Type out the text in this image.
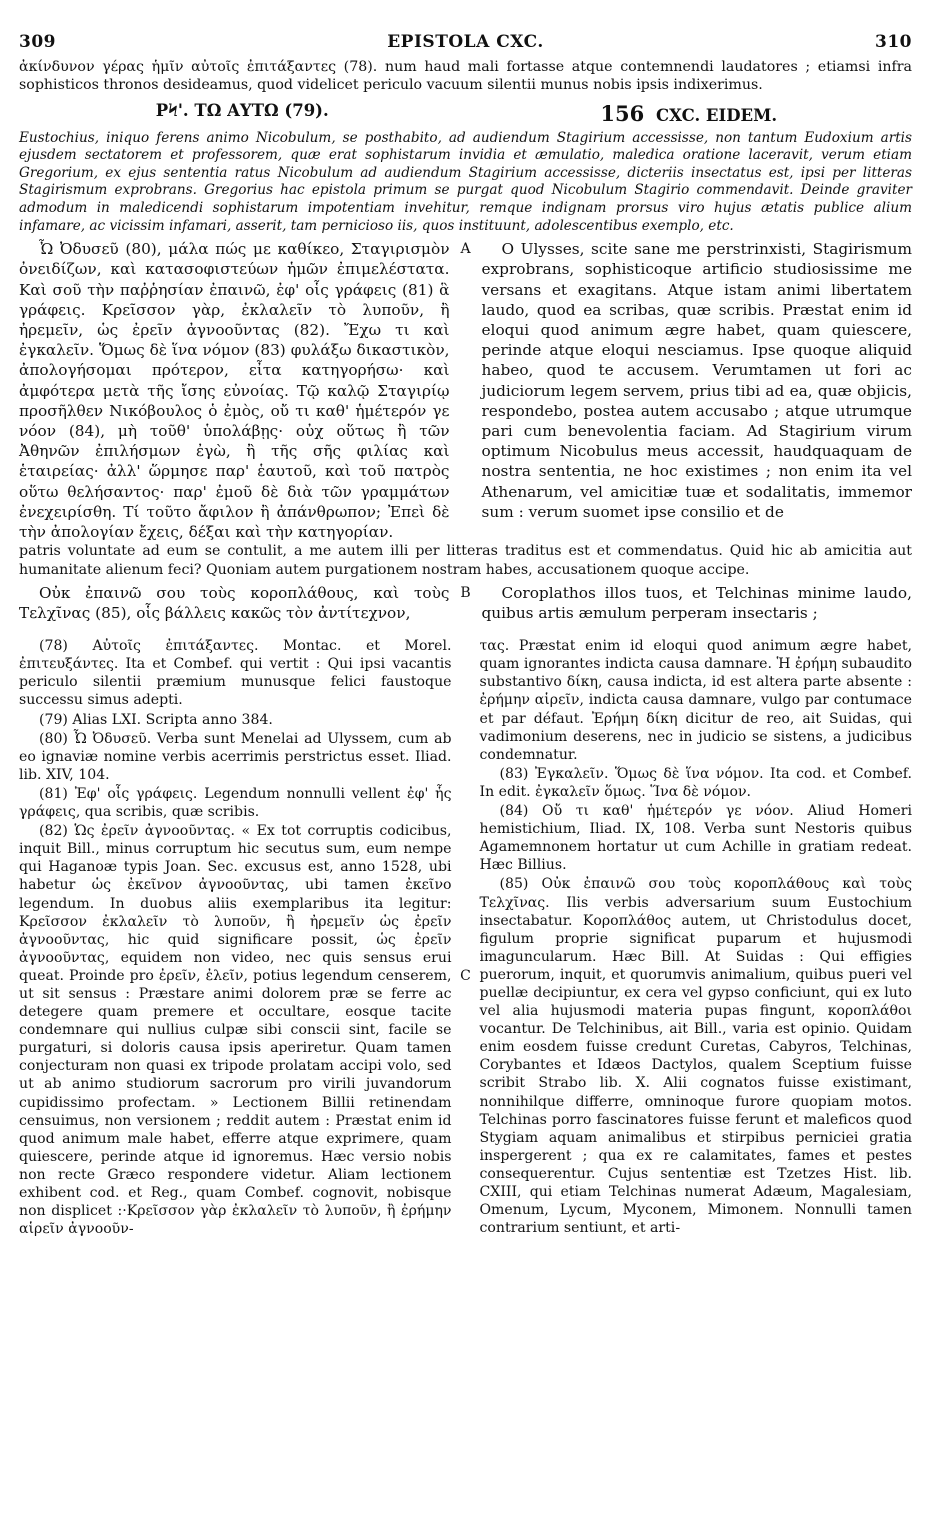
309	EPISTOLA CXC.	310
ἀκίνδυνον γέρας ἡμῖν αὐτοῖς ἐπιτάξαντες (78). num haud mali fortasse atque contemnendi laudatores ; etiamsi infra sophisticos thronos desideamus, quod videlicet periculo vacuum silentii munus nobis ipsis indixerimus.
ΡϞ'. ΤΩ ΑΥΤΩ (79).	156 CXC. EIDEM.
Eustochius, iniquo ferens animo Nicobulum, se posthabito, ad audiendum Stagirium accessisse, non tantum Eudoxium artis ejusdem sectatorem et professorem, quæ erat sophistarum invidia et æmulatio, maledica oratione laceravit, verum etiam Gregorium, ex ejus sententia ratus Nicobulum ad audiendum Stagirium accessisse, dicteriis insectatus est, ipsi per litteras Stagirismum exprobrans. Gregorius hac epistola primum se purgat quod Nicobulum Stagirio commendavit. Deinde graviter admodum in maledicendi sophistarum impotentiam invehitur, remque indignam prorsus viro hujus ætatis publice alium infamare, ac vicissim infamari, asserit, tam pernicioso iis, quos instituunt, adolescentibus exemplo, etc.
A
Ὦ Ὀδυσεῦ (80), μάλα πώς με καθίκεο, Σταγιρισμὸν ὀνειδίζων, καὶ κατασοφιστεύων ἡμῶν ἐπιμελέστατα. Καὶ σοῦ τὴν παῤῥησίαν ἐπαινῶ, ἐφ' οἷς γράφεις (81) ἃ γράφεις. Κρεῖσσον γὰρ, ἐκλαλεῖν τὸ λυποῦν, ἢ ἠρεμεῖν, ὡς ἐρεῖν ἀγνοοῦντας (82). Ἔχω τι καὶ ἐγκαλεῖν. Ὅμως δὲ ἵνα νόμον (83) φυλάξω δικαστικὸν, ἀπολογήσομαι πρότερον, εἶτα κατηγορήσω· καὶ ἀμφότερα μετὰ τῆς ἴσης εὐνοίας. Τῷ καλῷ Σταγιρίῳ προσῆλθεν Νικόβουλος ὁ ἐμὸς, οὔ τι καθ' ἡμέτερόν γε νόον (84), μὴ τοῦθ' ὑπολάβῃς· οὐχ οὕτως ἢ τῶν Ἀθηνῶν ἐπιλήσμων ἐγὼ, ἢ τῆς σῆς φιλίας καὶ ἑταιρείας· ἀλλ' ὥρμησε παρ' ἑαυτοῦ, καὶ τοῦ πατρὸς οὕτω θελήσαντος· παρ' ἐμοῦ δὲ διὰ τῶν γραμμάτων ἐνεχειρίσθη. Τί τοῦτο ἄφιλον ἢ ἀπάνθρωπον; Ἐπεὶ δὲ τὴν ἀπολογίαν ἔχεις, δέξαι καὶ τὴν κατηγορίαν.
O Ulysses, scite sane me perstrinxisti, Stagirismum exprobrans, sophisticoque artificio studiosissime me versans et exagitans. Atque istam animi libertatem laudo, quod ea scribas, quæ scribis. Præstat enim id eloqui quod animum ægre habet, quam quiescere, perinde atque eloqui nesciamus. Ipse quoque aliquid habeo, quod te accusem. Verumtamen ut fori ac judiciorum legem servem, prius tibi ad ea, quæ objicis, respondebo, postea autem accusabo ; atque utrumque pari cum benevolentia faciam. Ad Stagirium virum optimum Nicobulus meus accessit, haudquaquam de nostra sententia, ne hoc existimes ; non enim ita vel Athenarum, vel amicitiæ tuæ et sodalitatis, immemor sum : verum suomet ipse consilio et de
patris voluntate ad eum se contulit, a me autem illi per litteras traditus est et commendatus. Quid hic ab amicitia aut humanitate alienum feci? Quoniam autem purgationem nostram habes, accusationem quoque accipe.
B
Οὐκ ἐπαινῶ σου τοὺς κοροπλάθους, καὶ τοὺς Τελχῖνας (85), οἷς βάλλεις κακῶς τὸν ἀντίτεχνον,
Coroplathos illos tuos, et Telchinas minime laudo, quibus artis æmulum perperam insectaris ;
C

(78) Αὐτοῖς ἐπιτάξαντες. Montac. et Morel. ἐπιτευξάντες. Ita et Combef. qui vertit : Qui ipsi vacantis periculo silentii præmium munusque felici faustoque successu simus adepti.

(79) Alias LXI. Scripta anno 384.

(80) Ὦ Ὀδυσεῦ. Verba sunt Menelai ad Ulyssem, cum ab eo ignaviæ nomine verbis acerrimis perstrictus esset. Iliad. lib. XIV, 104.

(81) Ἐφ' οἷς γράφεις. Legendum nonnulli vellent ἐφ' ἧς γράφεις, qua scribis, quæ scribis.

(82) Ὡς ἐρεῖν ἀγνοοῦντας. « Ex tot corruptis codicibus, inquit Bill., minus corruptum hic secutus sum, eum nempe qui Haganoæ typis Joan. Sec. excusus est, anno 1528, ubi habetur ὡς ἐκεῖνον ἀγνοοῦντας, ubi tamen ἐκεῖνο legendum. In duobus aliis exemplaribus ita legitur: Κρεῖσσον ἐκλαλεῖν τὸ λυποῦν, ἢ ἠρεμεῖν ὡς ἐρεῖν ἀγνοοῦντας, hic quid significare possit, ὡς ἐρεῖν ἀγνοοῦντας, equidem non video, nec quis sensus erui queat. Proinde pro ἐρεῖν, ἐλεῖν, potius legendum censerem, ut sit sensus : Præstare animi dolorem præ se ferre ac detegere quam premere et occultare, eosque tacite condemnare qui nullius culpæ sibi conscii sint, facile se purgaturi, si doloris causa ipsis aperiretur. Quam tamen conjecturam non quasi ex tripode prolatam accipi volo, sed ut ab animo studiorum sacrorum pro virili juvandorum cupidissimo profectam. » Lectionem Billii retinendam censuimus, non versionem ; reddit autem : Præstat enim id quod animum male habet, efferre atque exprimere, quam quiescere, perinde atque id ignoremus. Hæc versio nobis non recte Græco respondere videtur. Aliam lectionem exhibent cod. et Reg., quam Combef. cognovit, nobisque non displicet :·Κρεῖσσον γὰρ ἐκλαλεῖν τὸ λυποῦν, ἢ ἐρήμην αἱρεῖν ἀγνοοῦν-

τας. Præstat enim id eloqui quod animum ægre habet, quam ignorantes indicta causa damnare. Ἡ ἐρήμη subaudito substantivo δίκη, causa indicta, id est altera parte absente : ἐρήμην αἱρεῖν, indicta causa damnare, vulgo par contumace et par défaut. Ἐρήμη δίκη dicitur de reo, ait Suidas, qui vadimonium deserens, nec in judicio se sistens, a judicibus condemnatur.

(83) Ἐγκαλεῖν. Ὅμως δὲ ἵνα νόμον. Ita cod. et Combef. In edit. ἐγκαλεῖν ὅμως. Ἵνα δὲ νόμον.

(84) Οὔ τι καθ' ἡμέτερόν γε νόον. Aliud Homeri hemistichium, Iliad. IX, 108. Verba sunt Nestoris quibus Agamemnonem hortatur ut cum Achille in gratiam redeat. Hæc Billius.

(85) Οὐκ ἐπαινῶ σου τοὺς κοροπλάθους καὶ τοὺς Τελχῖνας. Ilis verbis adversarium suum Eustochium insectabatur. Κοροπλάθος autem, ut Christodulus docet, figulum proprie significat puparum et hujusmodi imaguncularum. Hæc Bill. At Suidas : Qui effigies puerorum, inquit, et quorumvis animalium, quibus pueri vel puellæ decipiuntur, ex cera vel gypso conficiunt, qui ex luto vel alia hujusmodi materia pupas fingunt, κοροπλάθοι vocantur. De Telchinibus, ait Bill., varia est opinio. Quidam enim eosdem fuisse credunt Curetas, Cabyros, Telchinas, Corybantes et Idæos Dactylos, qualem Sceptium fuisse scribit Strabo lib. X. Alii cognatos fuisse existimant, nonnihilque differre, omninoque furore quopiam motos. Telchinas porro fascinatores fuisse ferunt et maleficos quod Stygiam aquam animalibus et stirpibus perniciei gratia inspergerent ; qua ex re calamitates, fames et pestes consequerentur. Cujus sententiæ est Tzetzes Hist. lib. CXIII, qui etiam Telchinas numerat Adæum, Magalesiam, Omenum, Lycum, Myconem, Mimonem. Nonnulli tamen contrarium sentiunt, et arti-
